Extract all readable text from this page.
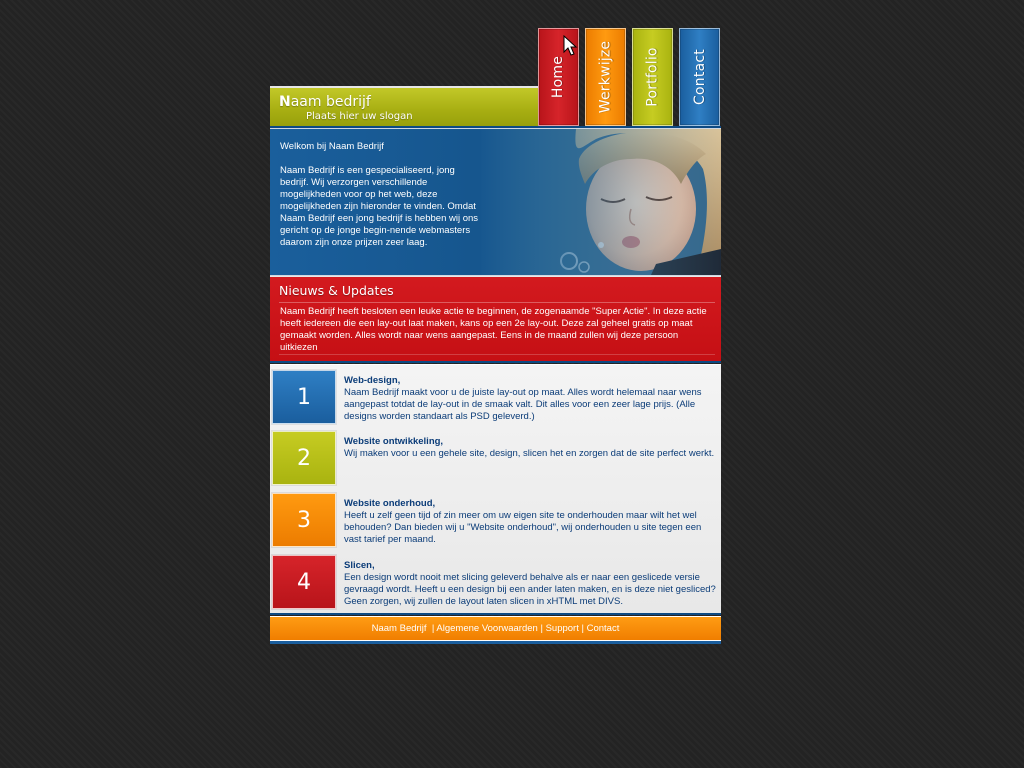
Home Werkwijze Portfolio Contact
Naam bedrijf
Plaats hier uw slogan

Welkom bij Naam Bedrijf

Naam Bedrijf is een gespecialiseerd, jong bedrijf. Wij verzorgen verschillende mogelijkheden voor op het web, deze mogelijkheden zijn hieronder te vinden. Omdat Naam Bedrijf een jong bedrijf is hebben wij ons gericht op de jonge begin-nende webmasters daarom zijn onze prijzen zeer laag.

Nieuws & Updates

Naam Bedrijf heeft besloten een leuke actie te beginnen, de zogenaamde "Super Actie". In deze actie heeft iedereen die een lay-out laat maken, kans op een 2e lay-out. Deze zal geheel gratis op maat gemaakt worden. Alles wordt naar wens aangepast. Eens in de maand zullen wij deze persoon uitkiezen

1

Web-design,

Naam Bedrijf maakt voor u de juiste lay-out op maat. Alles wordt helemaal naar wens aangepast totdat de lay-out in de smaak valt. Dit alles voor een zeer lage prijs. (Alle designs worden standaart als PSD geleverd.)

2

Website ontwikkeling,

Wij maken voor u een gehele site, design, slicen het en zorgen dat de site perfect werkt.

3

Website onderhoud,

Heeft u zelf geen tijd of zin meer om uw eigen site te onderhouden maar wilt het wel behouden? Dan bieden wij u "Website onderhoud", wij onderhouden u site tegen een vast tarief per maand.

4

Slicen,

Een design wordt nooit met slicing geleverd behalve als er naar een geslicede versie gevraagd wordt. Heeft u een design bij een ander laten maken, en is deze niet gesliced? Geen zorgen, wij zullen de layout laten slicen in xHTML met DIVS.

Naam Bedrijf | Algemene Voorwaarden | Support | Contact
